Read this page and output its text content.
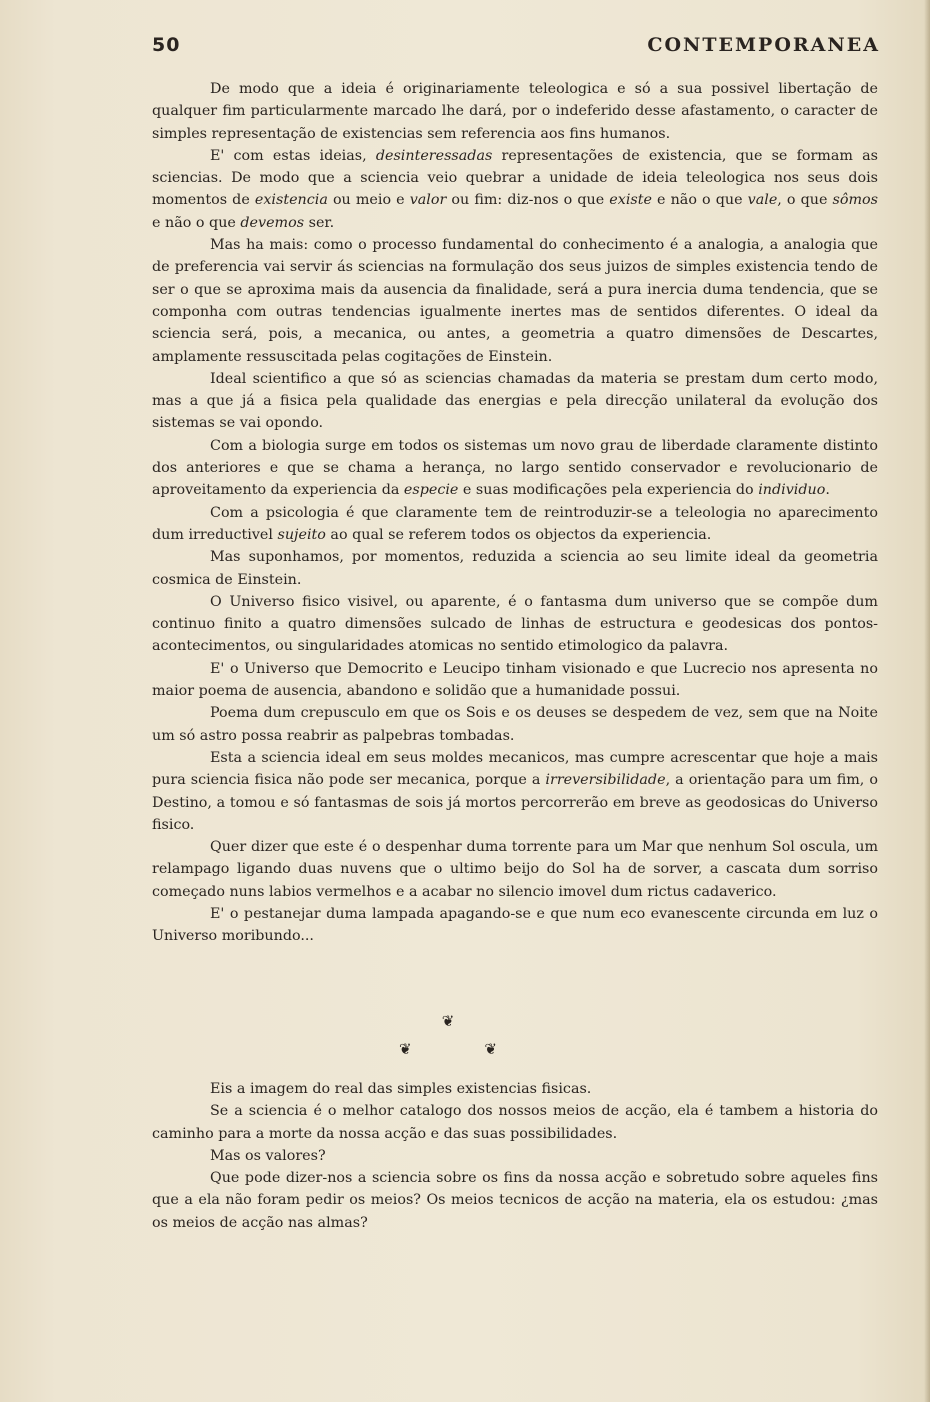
50	CONTEMPORANEA

De modo que a ideia é originariamente teleologica e só a sua possivel libertação de qualquer fim particularmente marcado lhe dará, por o indeferido desse afastamento, o caracter de simples representação de existencias sem referencia aos fins humanos.

E' com estas ideias, desinteressadas representações de existencia, que se formam as sciencias. De modo que a sciencia veio quebrar a unidade de ideia teleologica nos seus dois momentos de existencia ou meio e valor ou fim: diz-nos o que existe e não o que vale, o que sômos e não o que devemos ser.

Mas ha mais: como o processo fundamental do conhecimento é a analogia, a analogia que de preferencia vai servir ás sciencias na formulação dos seus juizos de simples existencia tendo de ser o que se aproxima mais da ausencia da finalidade, será a pura inercia duma tendencia, que se componha com outras tendencias igualmente inertes mas de sentidos diferentes. O ideal da sciencia será, pois, a mecanica, ou antes, a geometria a quatro dimensões de Descartes, amplamente ressuscitada pelas cogitações de Einstein.

Ideal scientifico a que só as sciencias chamadas da materia se prestam dum certo modo, mas a que já a fisica pela qualidade das energias e pela direcção unilateral da evolução dos sistemas se vai opondo.

Com a biologia surge em todos os sistemas um novo grau de liberdade claramente distinto dos anteriores e que se chama a herança, no largo sentido conservador e revolucionario de aproveitamento da experiencia da especie e suas modificações pela experiencia do individuo.

Com a psicologia é que claramente tem de reintroduzir-se a teleologia no aparecimento dum irreductivel sujeito ao qual se referem todos os objectos da experiencia.

Mas suponhamos, por momentos, reduzida a sciencia ao seu limite ideal da geometria cosmica de Einstein.

O Universo fisico visivel, ou aparente, é o fantasma dum universo que se compõe dum continuo finito a quatro dimensões sulcado de linhas de estructura e geodesicas dos pontos-acontecimentos, ou singularidades atomicas no sentido etimologico da palavra.

E' o Universo que Democrito e Leucipo tinham visionado e que Lucrecio nos apresenta no maior poema de ausencia, abandono e solidão que a humanidade possui.

Poema dum crepusculo em que os Sois e os deuses se despedem de vez, sem que na Noite um só astro possa reabrir as palpebras tombadas.

Esta a sciencia ideal em seus moldes mecanicos, mas cumpre acrescentar que hoje a mais pura sciencia fisica não pode ser mecanica, porque a irreversibilidade, a orientação para um fim, o Destino, a tomou e só fantasmas de sois já mortos percorrerão em breve as geodosicas do Universo fisico.

Quer dizer que este é o despenhar duma torrente para um Mar que nenhum Sol oscula, um relampago ligando duas nuvens que o ultimo beijo do Sol ha de sorver, a cascata dum sorriso começado nuns labios vermelhos e a acabar no silencio imovel dum rictus cadaverico.

E' o pestanejar duma lampada apagando-se e que num eco evanescente circunda em luz o Universo moribundo...

❦
❦ ❦

Eis a imagem do real das simples existencias fisicas.

Se a sciencia é o melhor catalogo dos nossos meios de acção, ela é tambem a historia do caminho para a morte da nossa acção e das suas possibilidades.

Mas os valores?

Que pode dizer-nos a sciencia sobre os fins da nossa acção e sobretudo sobre aqueles fins que a ela não foram pedir os meios? Os meios tecnicos de acção na materia, ela os estudou: ¿mas os meios de acção nas almas?
